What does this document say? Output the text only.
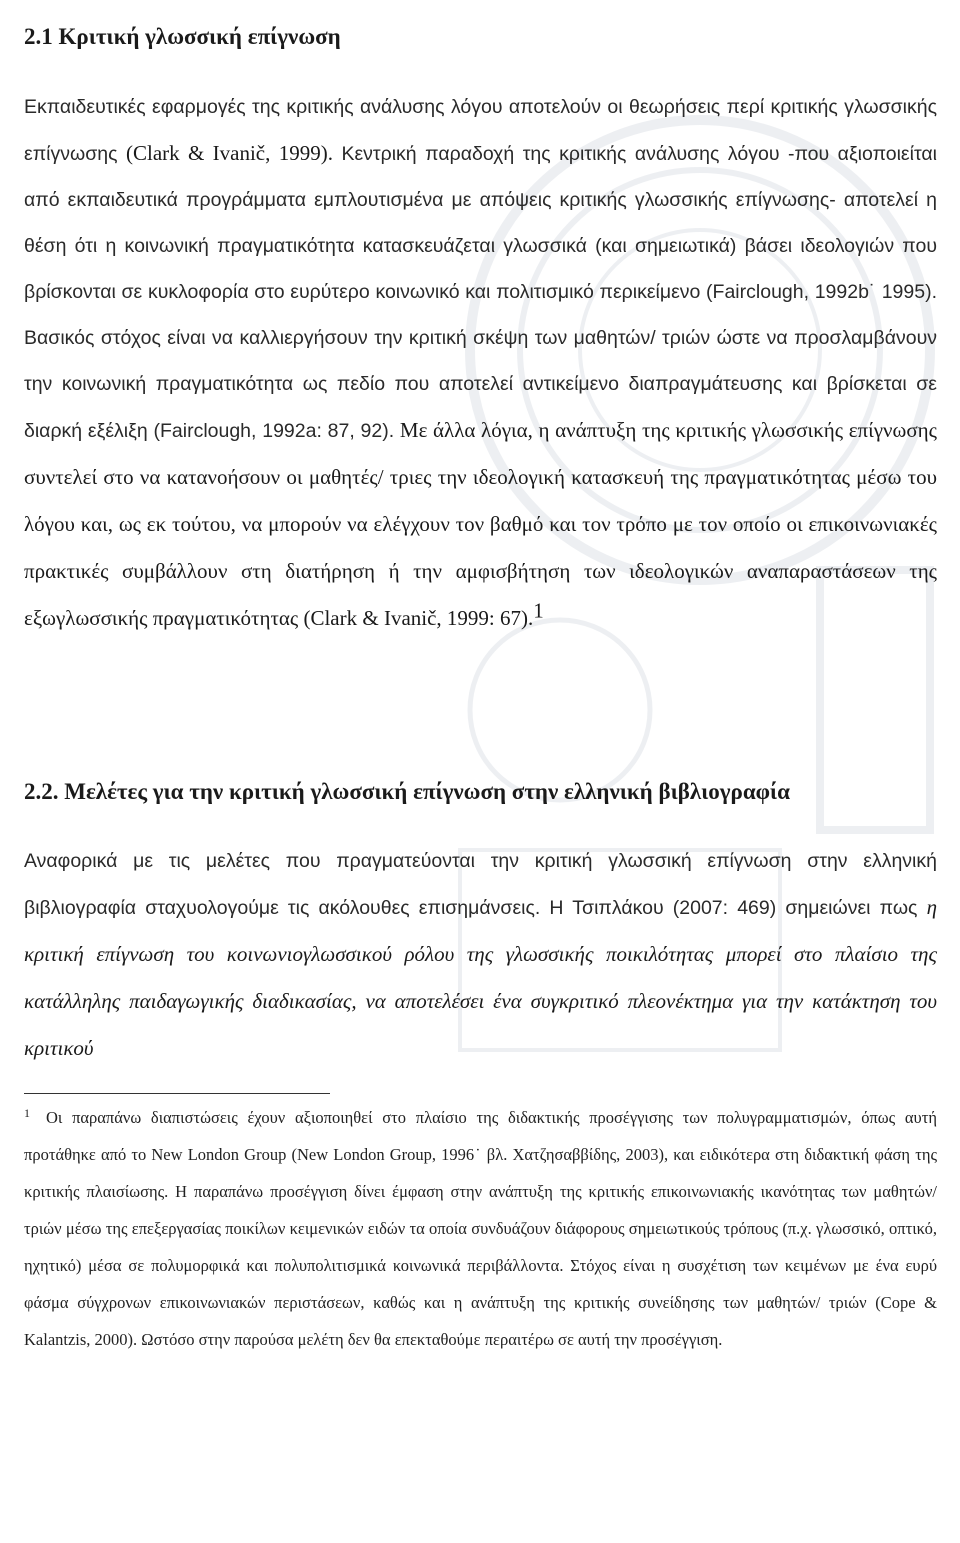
2.1 Κριτική γλωσσική επίγνωση

Εκπαιδευτικές εφαρμογές της κριτικής ανάλυσης λόγου αποτελούν οι θεωρήσεις περί κριτικής γλωσσικής επίγνωσης (Clark & Ivanič, 1999). Κεντρική παραδοχή της κριτικής ανάλυσης λόγου -που αξιοποιείται από εκπαιδευτικά προγράμματα εμπλουτισμένα με απόψεις κριτικής γλωσσικής επίγνωσης- αποτελεί η θέση ότι η κοινωνική πραγματικότητα κατασκευάζεται γλωσσικά (και σημειωτικά) βάσει ιδεολογιών που βρίσκονται σε κυκλοφορία στο ευρύτερο κοινωνικό και πολιτισμικό περικείμενο (Fairclough, 1992b˙ 1995). Βασικός στόχος είναι να καλλιεργήσουν την κριτική σκέψη των μαθητών/ τριών ώστε να προσλαμβάνουν την κοινωνική πραγματικότητα ως πεδίο που αποτελεί αντικείμενο διαπραγμάτευσης και βρίσκεται σε διαρκή εξέλιξη (Fairclough, 1992a: 87, 92). Με άλλα λόγια, η ανάπτυξη της κριτικής γλωσσικής επίγνωσης συντελεί στο να κατανοήσουν οι μαθητές/ τριες την ιδεολογική κατασκευή της πραγματικότητας μέσω του λόγου και, ως εκ τούτου, να μπορούν να ελέγχουν τον βαθμό και τον τρόπο με τον οποίο οι επικοινωνιακές πρακτικές συμβάλλουν στη διατήρηση ή την αμφισβήτηση των ιδεολογικών αναπαραστάσεων της εξωγλωσσικής πραγματικότητας (Clark & Ivanič, 1999: 67).$^1$

2.2. Μελέτες για την κριτική γλωσσική επίγνωση στην ελληνική βιβλιογραφία

Αναφορικά με τις μελέτες που πραγματεύονται την κριτική γλωσσική επίγνωση στην ελληνική βιβλιογραφία σταχυολογούμε τις ακόλουθες επισημάνσεις. Η Τσιπλάκου (2007: 469) σημειώνει πως η κριτική επίγνωση του κοινωνιογλωσσικού ρόλου της γλωσσικής ποικιλότητας μπορεί στο πλαίσιο της κατάλληλης παιδαγωγικής διαδικασίας, να αποτελέσει ένα συγκριτικό πλεονέκτημα για την κατάκτηση του κριτικού

$^1$ Οι παραπάνω διαπιστώσεις έχουν αξιοποιηθεί στο πλαίσιο της διδακτικής προσέγγισης των πολυγραμματισμών, όπως αυτή προτάθηκε από το New London Group (New London Group, 1996˙ βλ. Χατζησαββίδης, 2003), και ειδικότερα στη διδακτική φάση της κριτικής πλαισίωσης. Η παραπάνω προσέγγιση δίνει έμφαση στην ανάπτυξη της κριτικής επικοινωνιακής ικανότητας των μαθητών/ τριών μέσω της επεξεργασίας ποικίλων κειμενικών ειδών τα οποία συνδυάζουν διάφορους σημειωτικούς τρόπους (π.χ. γλωσσικό, οπτικό, ηχητικό) μέσα σε πολυμορφικά και πολυπολιτισμικά κοινωνικά περιβάλλοντα. Στόχος είναι η συσχέτιση των κειμένων με ένα ευρύ φάσμα σύγχρονων επικοινωνιακών περιστάσεων, καθώς και η ανάπτυξη της κριτικής συνείδησης των μαθητών/ τριών (Cope & Kalantzis, 2000). Ωστόσο στην παρούσα μελέτη δεν θα επεκταθούμε περαιτέρω σε αυτή την προσέγγιση.
